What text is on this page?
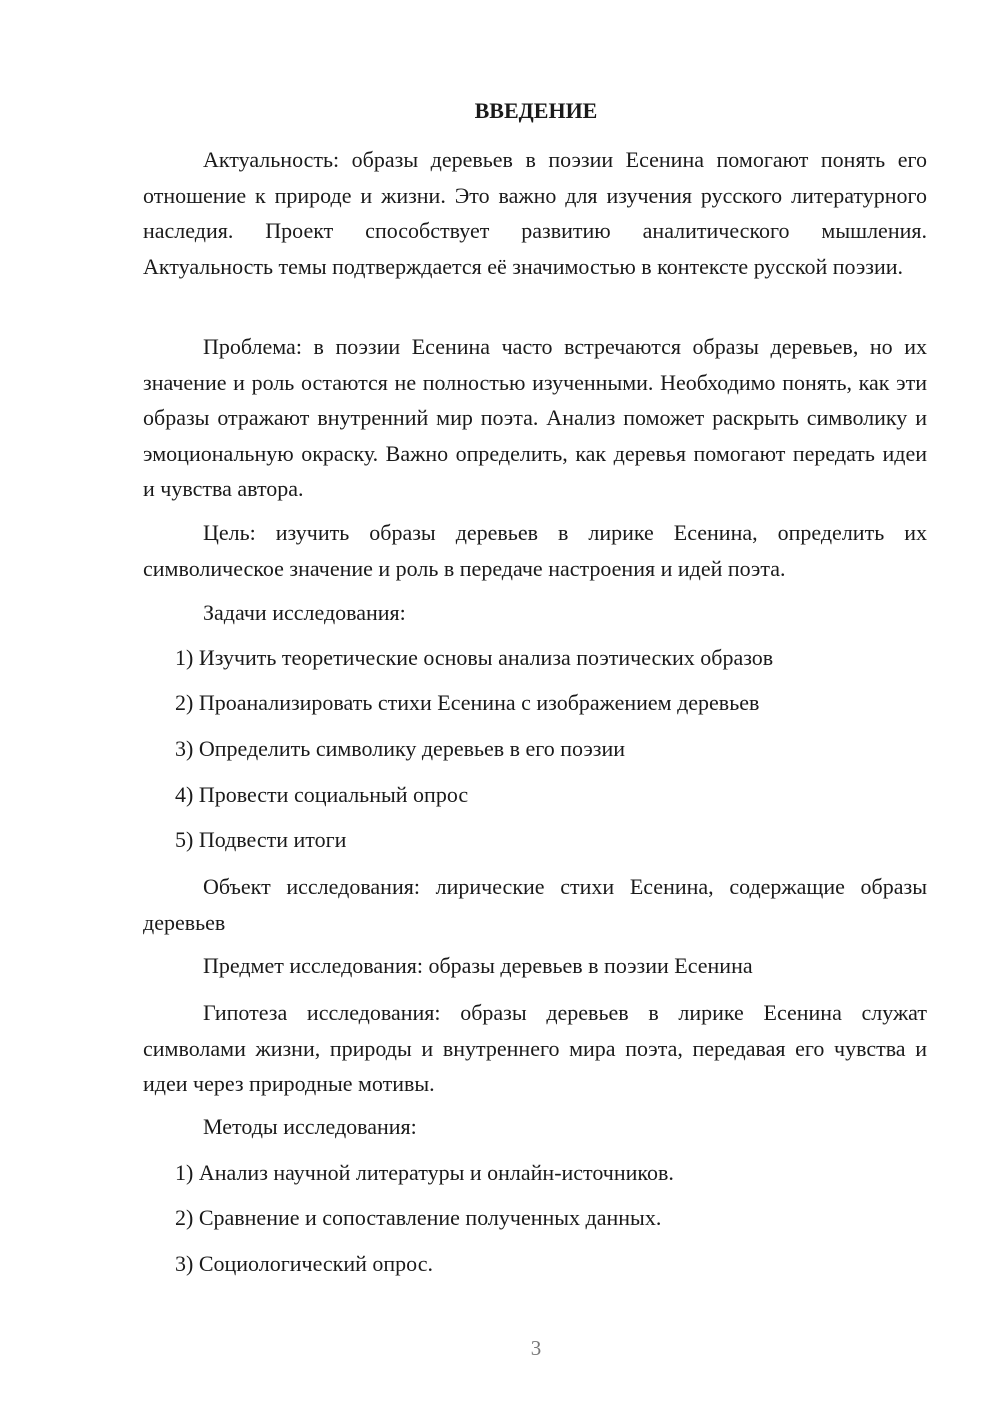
ВВЕДЕНИЕ

Актуальность: образы деревьев в поэзии Есенина помогают понять его отношение к природе и жизни. Это важно для изучения русского литературного наследия. Проект способствует развитию аналитического мышления. Актуальность темы подтверждается её значимостью в контексте русской поэзии.

Проблема: в поэзии Есенина часто встречаются образы деревьев, но их значение и роль остаются не полностью изученными. Необходимо понять, как эти образы отражают внутренний мир поэта. Анализ поможет раскрыть символику и эмоциональную окраску. Важно определить, как деревья помогают передать идеи и чувства автора.

Цель: изучить образы деревьев в лирике Есенина, определить их символическое значение и роль в передаче настроения и идей поэта.

Задачи исследования:

1) Изучить теоретические основы анализа поэтических образов

2) Проанализировать стихи Есенина с изображением деревьев

3) Определить символику деревьев в его поэзии

4) Провести социальный опрос

5) Подвести итоги

Объект исследования: лирические стихи Есенина, содержащие образы деревьев

Предмет исследования: образы деревьев в поэзии Есенина

Гипотеза исследования: образы деревьев в лирике Есенина служат символами жизни, природы и внутреннего мира поэта, передавая его чувства и идеи через природные мотивы.

Методы исследования:

1) Анализ научной литературы и онлайн-источников.

2) Сравнение и сопоставление полученных данных.

3) Социологический опрос.

3
